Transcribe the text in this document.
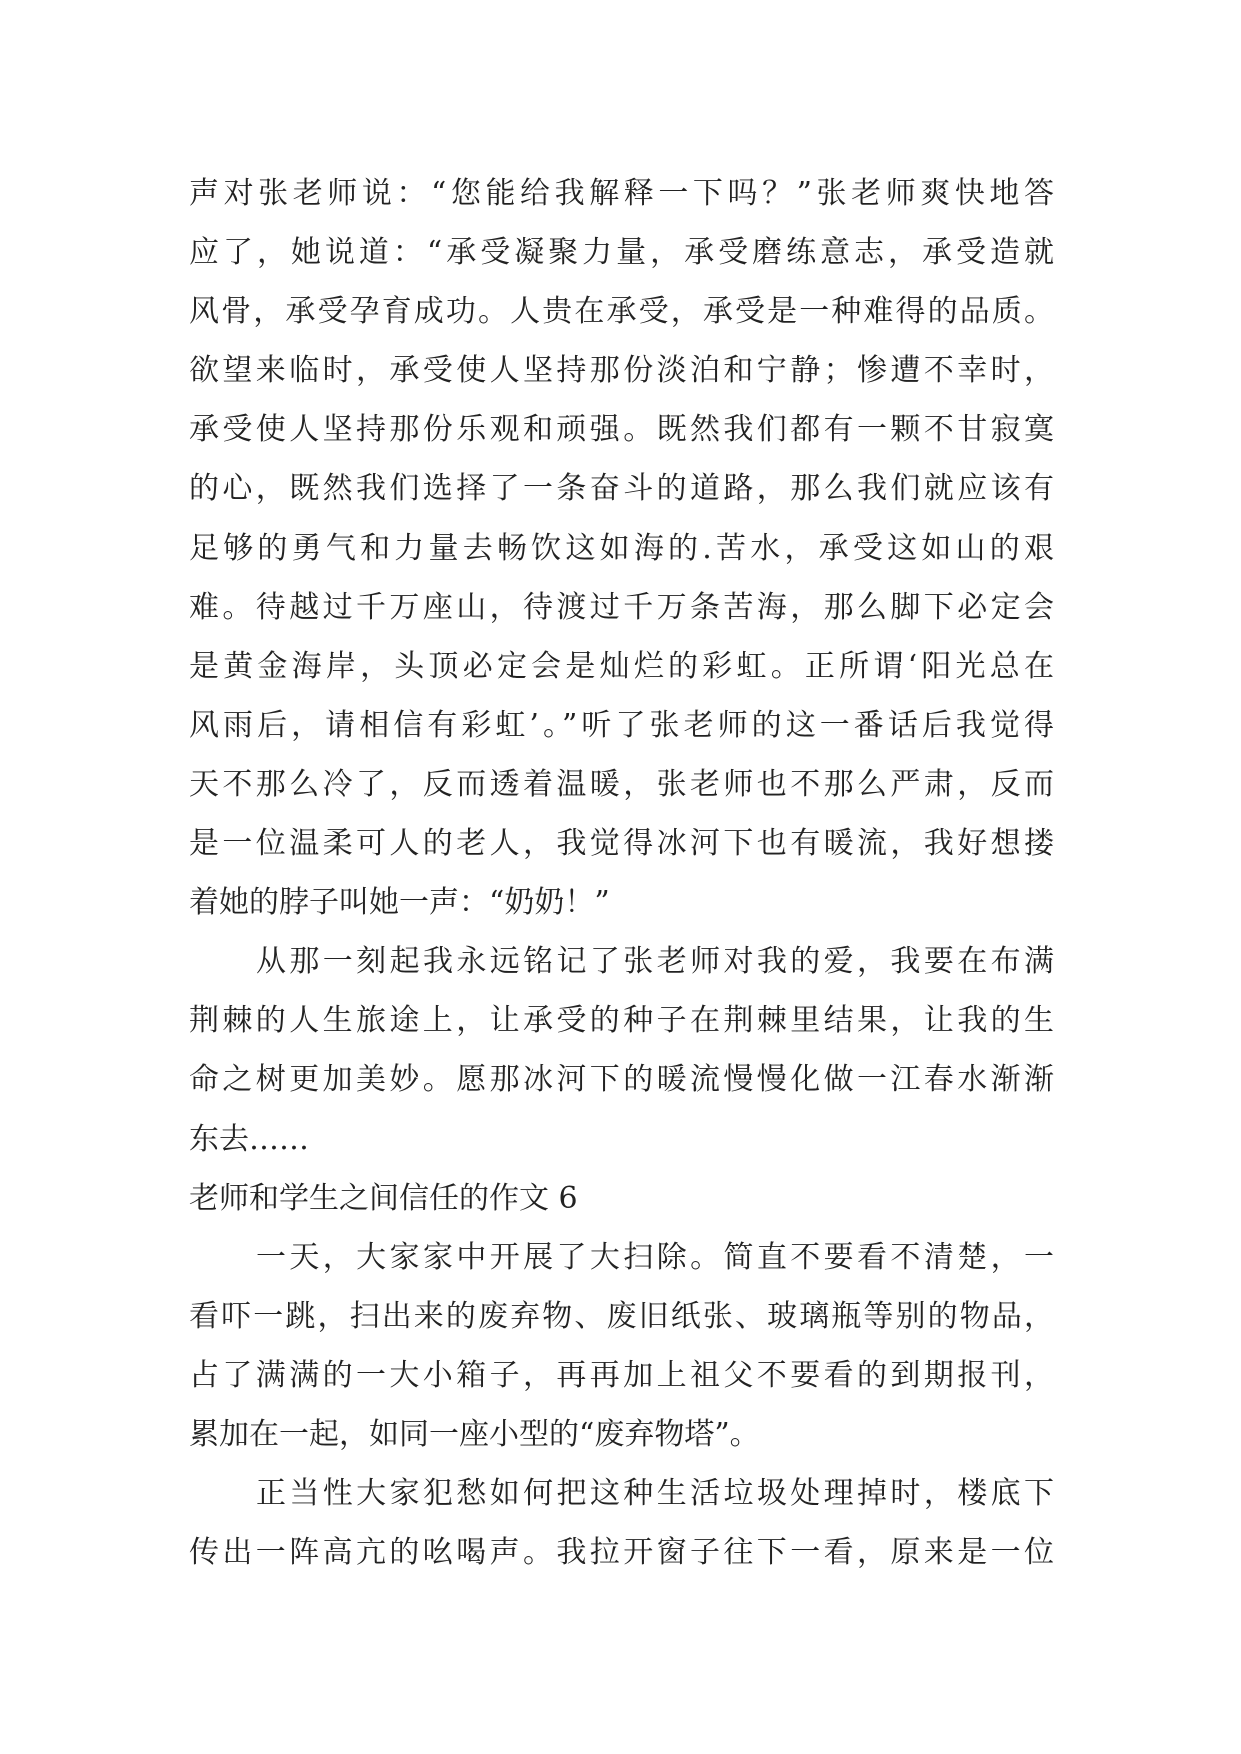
声对张老师说：“您能给我解释一下吗？”张老师爽快地答
应了，她说道：“承受凝聚力量，承受磨练意志，承受造就
风骨，承受孕育成功。人贵在承受，承受是一种难得的品质。
欲望来临时，承受使人坚持那份淡泊和宁静；惨遭不幸时，
承受使人坚持那份乐观和顽强。既然我们都有一颗不甘寂寞
的心，既然我们选择了一条奋斗的道路，那么我们就应该有
足够的勇气和力量去畅饮这如海的.苦水，承受这如山的艰
难。待越过千万座山，待渡过千万条苦海，那么脚下必定会
是黄金海岸，头顶必定会是灿烂的彩虹。正所谓‘阳光总在
风雨后，请相信有彩虹’。”听了张老师的这一番话后我觉得
天不那么冷了，反而透着温暖，张老师也不那么严肃，反而
是一位温柔可人的老人，我觉得冰河下也有暖流，我好想搂
着她的脖子叫她一声：“奶奶！”
从那一刻起我永远铭记了张老师对我的爱，我要在布满
荆棘的人生旅途上，让承受的种子在荆棘里结果，让我的生
命之树更加美妙。愿那冰河下的暖流慢慢化做一江春水渐渐
东去……
老师和学生之间信任的作文 6
一天，大家家中开展了大扫除。简直不要看不清楚，一
看吓一跳，扫出来的废弃物、废旧纸张、玻璃瓶等别的物品，
占了满满的一大小箱子，再再加上祖父不要看的到期报刊，
累加在一起，如同一座小型的“废弃物塔”。
正当性大家犯愁如何把这种生活垃圾处理掉时，楼底下
传出一阵高亢的吆喝声。我拉开窗子往下一看，原来是一位
